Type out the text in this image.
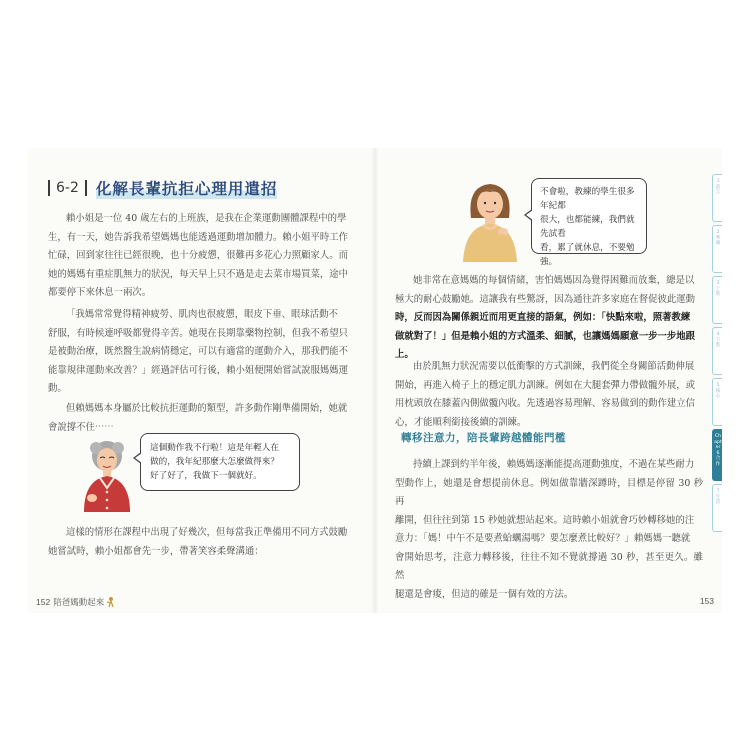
6-2	化解長輩抗拒心理用遣招
賴小姐是一位 40 歲左右的上班族，是我在企業運動團體課程中的學
生，有一天，她告訴我希望媽媽也能透過運動增加體力。賴小姐平時工作
忙碌，回到家往往已經很晚，也十分疲憊，很難再多花心力照顧家人。而
她的媽媽有重症肌無力的狀況，每天早上只不過是走去菜市場買菜，途中
都要停下來休息一兩次。
「我媽常常覺得精神疲勞、肌肉也很疲憊，眼皮下垂、眼球活動不
舒服，有時候連呼吸都覺得辛苦。她現在長期靠藥物控制，但我不希望只
是被動治療，既然醫生說病情穩定，可以有適當的運動介入，那我們能不
能靠規律運動來改善？」經過評估可行後，賴小姐便開始嘗試說服媽媽運
動。
但賴媽媽本身屬於比較抗拒運動的類型，許多動作剛準備開始，她就
會說撐不住⋯⋯
這個動作我不行啦！這是年輕人在
做的，我年紀那麼大怎麼做得來？
好了好了，我做下一個就好。
這樣的情形在課程中出現了好幾次，但每當我正準備用不同方式鼓勵
她嘗試時，賴小姐都會先一步，帶著笑容柔聲溝通：
152 陪爸媽動起來
不會啦，教練的學生很多年紀都
很大，也都能練，我們就先試看
看，累了就休息，不要勉強。
她非常在意媽媽的每個情緒，害怕媽媽因為覺得困難而放棄，總是以
極大的耐心鼓勵她。這讓我有些驚訝，因為通往許多家庭在督促彼此運動
時，反而因為關係親近而用更直接的語氣，例如：「快點來啦，照著教練
做就對了！」但是賴小姐的方式溫柔、細膩，也讓媽媽願意一步一步地跟
上。
由於肌無力狀況需要以低衝擊的方式訓練，我們從全身關節活動伸展
開始，再進入椅子上的穩定肌力訓練。例如在大腿套彈力帶做髖外展，或
用枕頭放在膝蓋內側做髖內收。先透過容易理解、容易做到的動作建立信
心，才能順利銜接後續的訓練。
轉移注意力，陪長輩跨越體能門檻
持續上課到約半年後，賴媽媽逐漸能提高運動強度，不過在某些耐力
型動作上，她還是會想提前休息。例如做靠牆深蹲時，目標是停留 30 秒再
離開，但往往到第 15 秒她就想站起來。這時賴小姐就會巧妙轉移她的注
意力：「媽！中午不是要煮蛤蠣湯嗎？要怎麼煮比較好？」賴媽媽一聽就
會開始思考，注意力轉移後，往往不知不覺就撐過 30 秒，甚至更久。雖然
腿還是會痠，但這的確是一個有效的方法。
1 前言
2 準備
3 上肢
4 下肢
5 核心
Chapter 6 合作
7 生活
153
